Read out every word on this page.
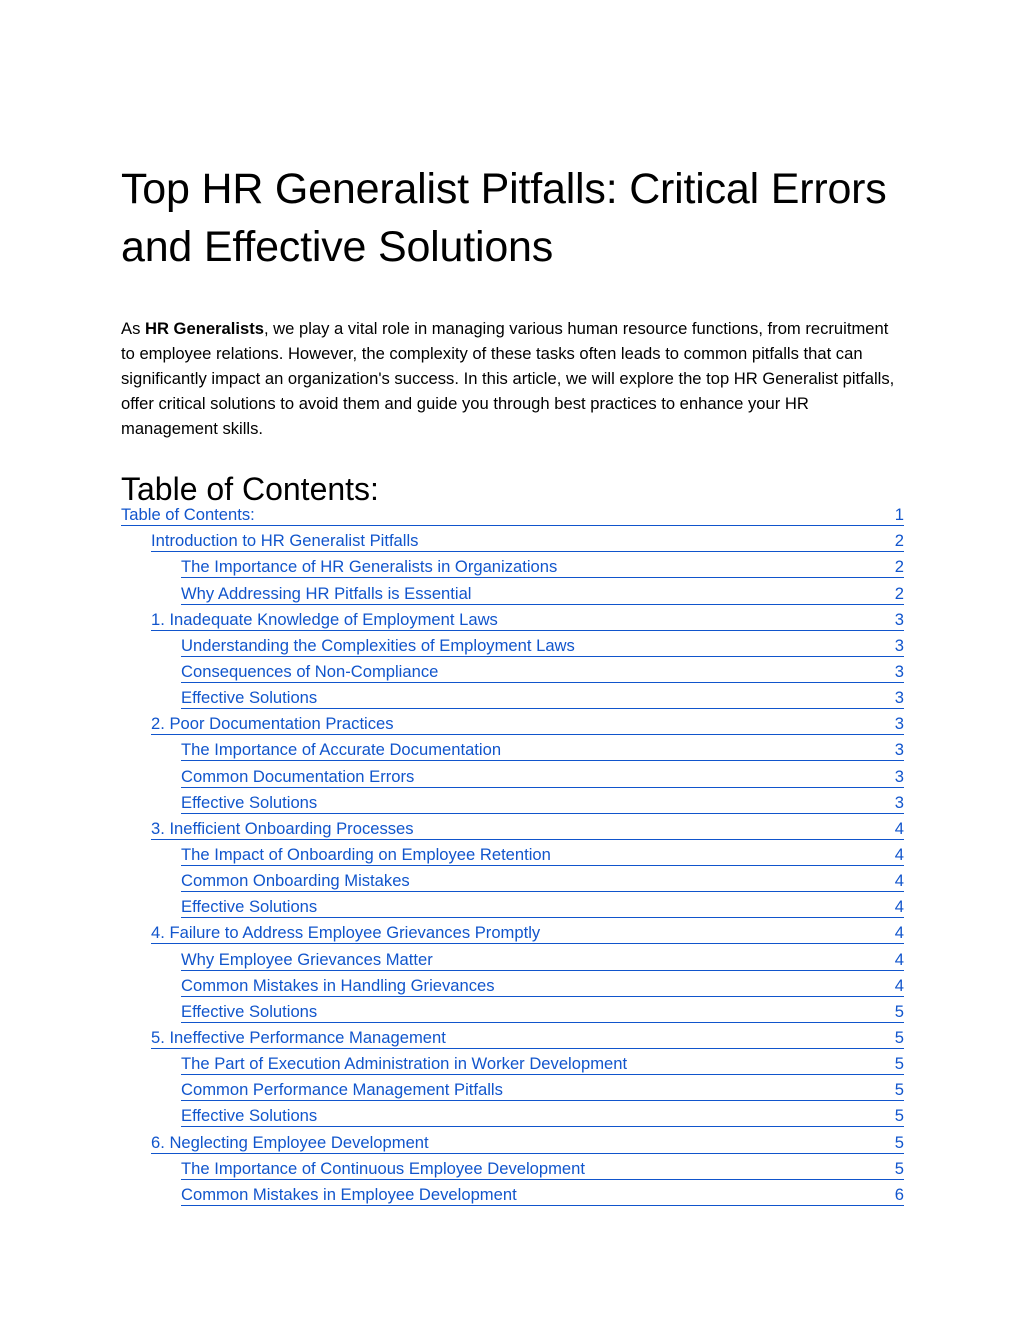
Top HR Generalist Pitfalls: Critical Errors and Effective Solutions

As HR Generalists, we play a vital role in managing various human resource functions, from recruitment to employee relations. However, the complexity of these tasks often leads to common pitfalls that can significantly impact an organization's success. In this article, we will explore the top HR Generalist pitfalls, offer critical solutions to avoid them and guide you through best practices to enhance your HR management skills.

Table of Contents:
Table of Contents:	1
Introduction to HR Generalist Pitfalls	2
The Importance of HR Generalists in Organizations	2
Why Addressing HR Pitfalls is Essential	2
1. Inadequate Knowledge of Employment Laws	3
Understanding the Complexities of Employment Laws	3
Consequences of Non-Compliance	3
Effective Solutions	3
2. Poor Documentation Practices	3
The Importance of Accurate Documentation	3
Common Documentation Errors	3
Effective Solutions	3
3. Inefficient Onboarding Processes	4
The Impact of Onboarding on Employee Retention	4
Common Onboarding Mistakes	4
Effective Solutions	4
4. Failure to Address Employee Grievances Promptly	4
Why Employee Grievances Matter	4
Common Mistakes in Handling Grievances	4
Effective Solutions	5
5. Ineffective Performance Management	5
The Part of Execution Administration in Worker Development	5
Common Performance Management Pitfalls	5
Effective Solutions	5
6. Neglecting Employee Development	5
The Importance of Continuous Employee Development	5
Common Mistakes in Employee Development	6
